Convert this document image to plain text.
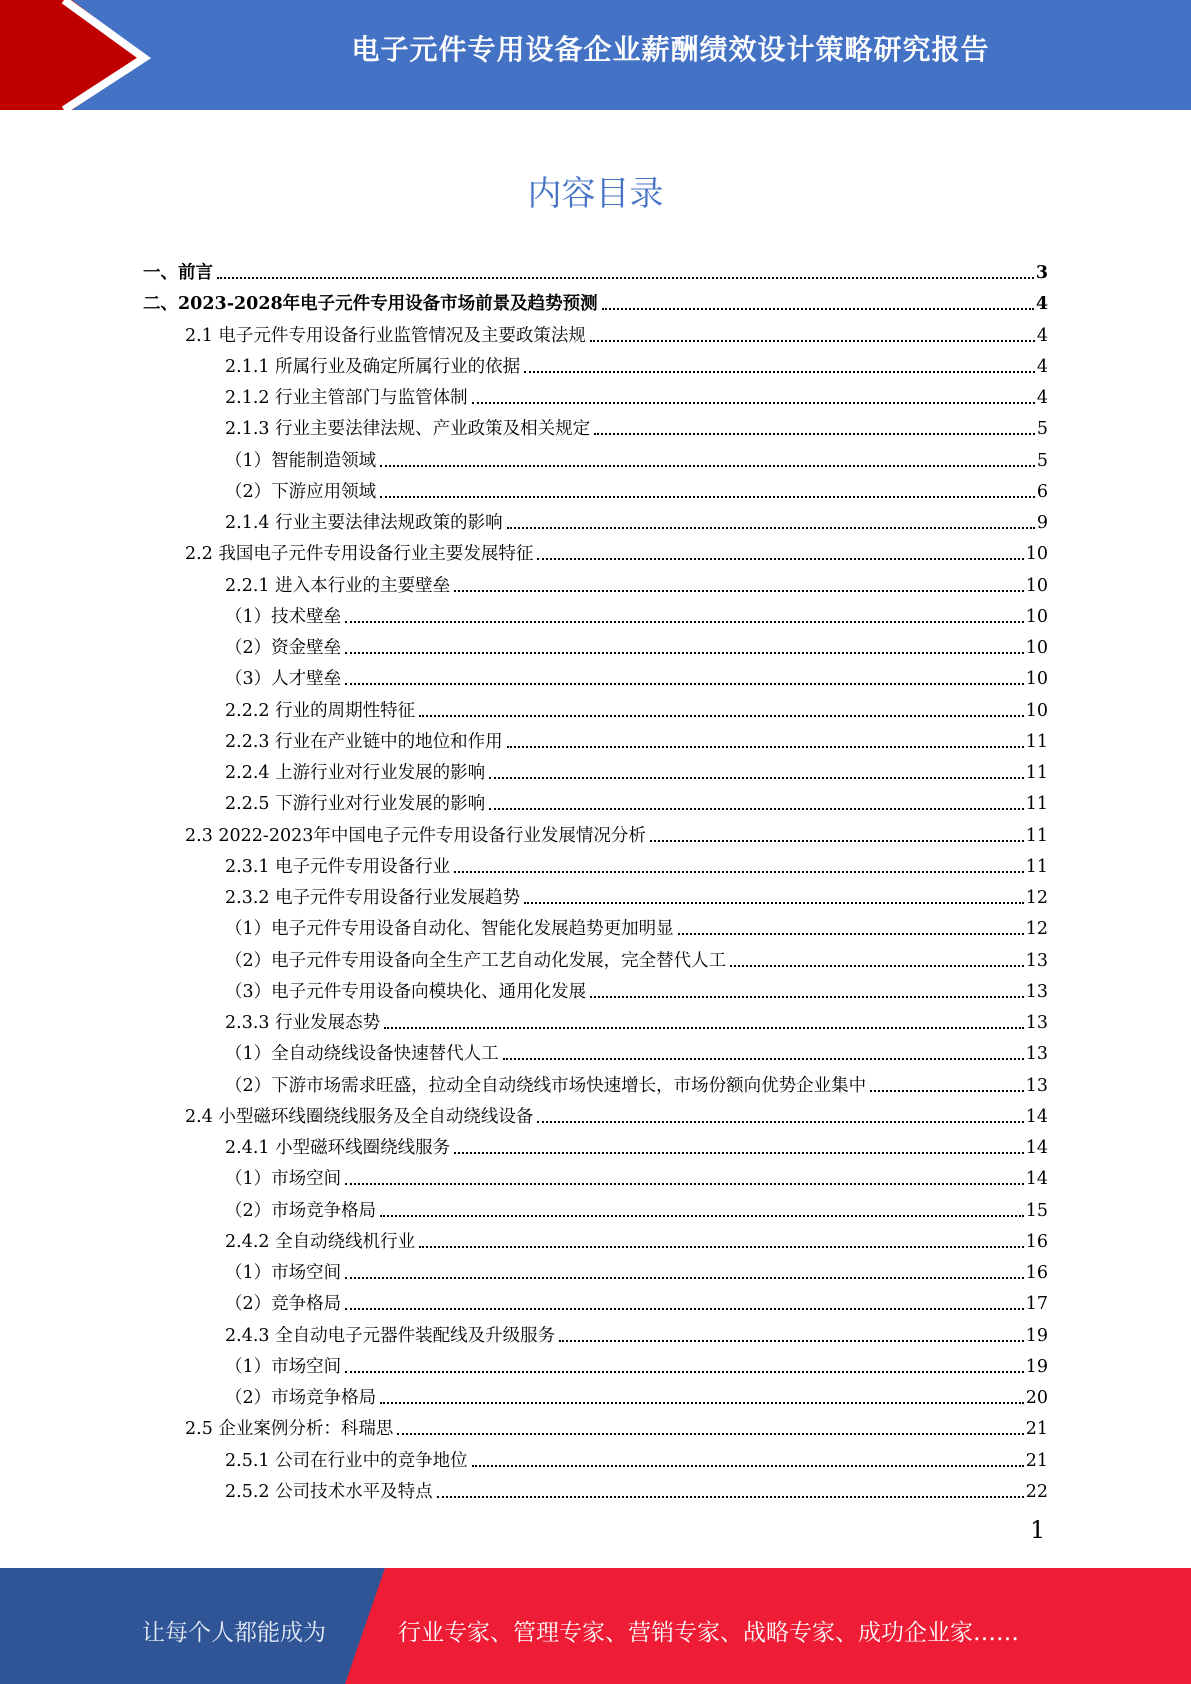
电子元件专用设备企业薪酬绩效设计策略研究报告
内容目录
一、前言	3
二、2023-2028年电子元件专用设备市场前景及趋势预测	4
2.1 电子元件专用设备行业监管情况及主要政策法规	4
2.1.1 所属行业及确定所属行业的依据	4
2.1.2 行业主管部门与监管体制	4
2.1.3 行业主要法律法规、产业政策及相关规定	5
（1）智能制造领域	5
（2）下游应用领域	6
2.1.4 行业主要法律法规政策的影响	9
2.2 我国电子元件专用设备行业主要发展特征	10
2.2.1 进入本行业的主要壁垒	10
（1）技术壁垒	10
（2）资金壁垒	10
（3）人才壁垒	10
2.2.2 行业的周期性特征	10
2.2.3 行业在产业链中的地位和作用	11
2.2.4 上游行业对行业发展的影响	11
2.2.5 下游行业对行业发展的影响	11
2.3 2022-2023年中国电子元件专用设备行业发展情况分析	11
2.3.1 电子元件专用设备行业	11
2.3.2 电子元件专用设备行业发展趋势	12
（1）电子元件专用设备自动化、智能化发展趋势更加明显	12
（2）电子元件专用设备向全生产工艺自动化发展，完全替代人工	13
（3）电子元件专用设备向模块化、通用化发展	13
2.3.3 行业发展态势	13
（1）全自动绕线设备快速替代人工	13
（2）下游市场需求旺盛，拉动全自动绕线市场快速增长，市场份额向优势企业集中	13
2.4 小型磁环线圈绕线服务及全自动绕线设备	14
2.4.1 小型磁环线圈绕线服务	14
（1）市场空间	14
（2）市场竞争格局	15
2.4.2 全自动绕线机行业	16
（1）市场空间	16
（2）竞争格局	17
2.4.3 全自动电子元器件装配线及升级服务	19
（1）市场空间	19
（2）市场竞争格局	20
2.5 企业案例分析：科瑞思	21
2.5.1 公司在行业中的竞争地位	21
2.5.2 公司技术水平及特点	22
1
让每个人都能成为	行业专家、管理专家、营销专家、战略专家、成功企业家……
